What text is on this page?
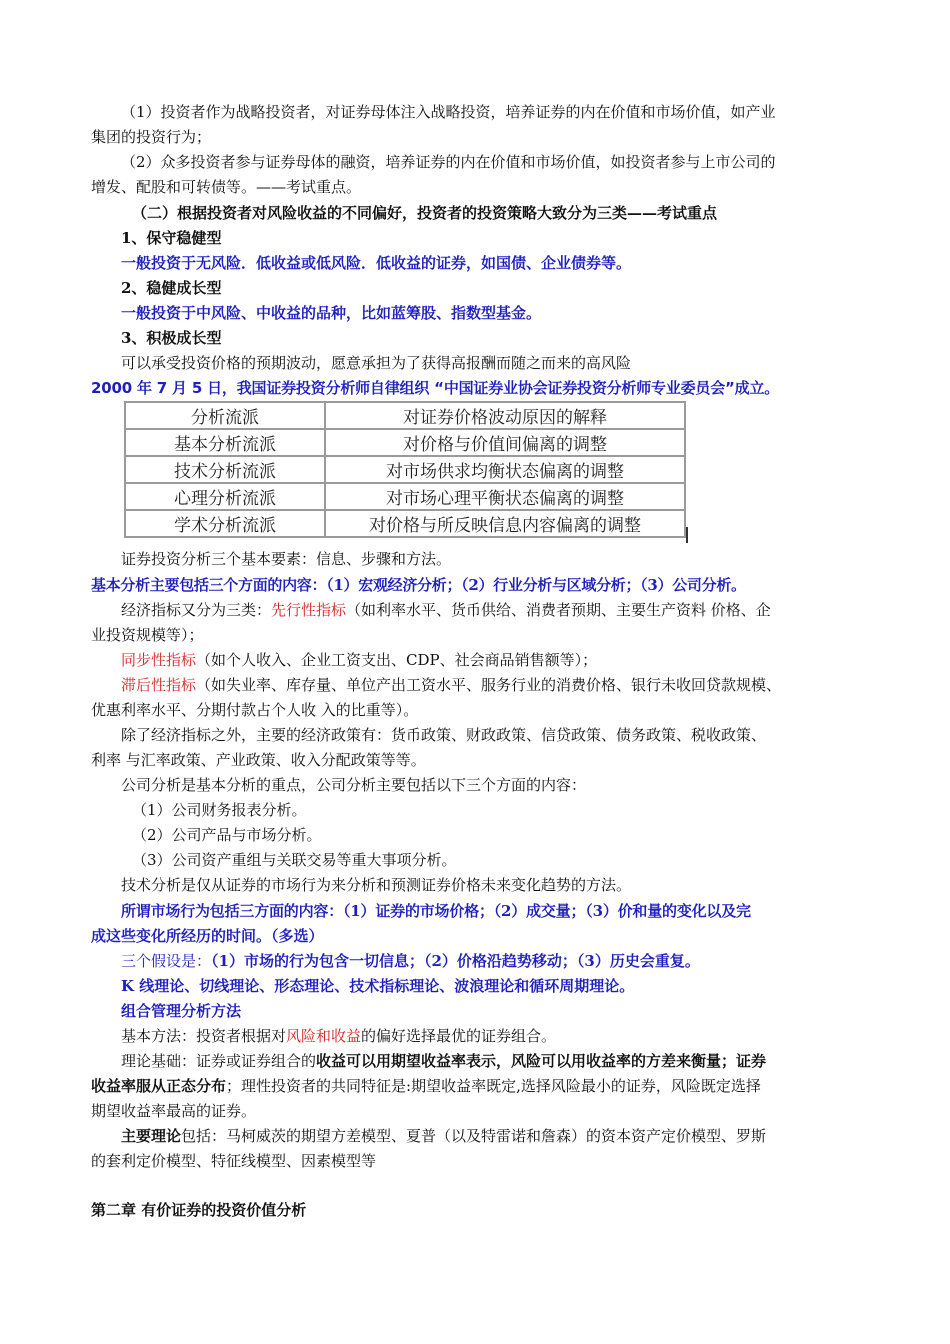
（1）投资者作为战略投资者，对证券母体注入战略投资，培养证券的内在价值和市场价值，如产业
集团的投资行为；
（2）众多投资者参与证券母体的融资，培养证券的内在价值和市场价值，如投资者参与上市公司的
增发、配股和可转债等。——考试重点。
（二）根据投资者对风险收益的不同偏好，投资者的投资策略大致分为三类——考试重点
1、保守稳健型
一般投资于无风险．低收益或低风险．低收益的证券，如国债、企业债券等。
2、稳健成长型
一般投资于中风险、中收益的品种，比如蓝筹股、指数型基金。
3、积极成长型
可以承受投资价格的预期波动，愿意承担为了获得高报酬而随之而来的高风险
2000 年 7 月 5 日，我国证券投资分析师自律组织 “中国证券业协会证券投资分析师专业委员会”成立。
分析流派	对证券价格波动原因的解释
基本分析流派	对价格与价值间偏离的调整
技术分析流派	对市场供求均衡状态偏离的调整
心理分析流派	对市场心理平衡状态偏离的调整
学术分析流派	对价格与所反映信息内容偏离的调整
证券投资分析三个基本要素：信息、步骤和方法。
基本分析主要包括三个方面的内容：（1）宏观经济分析；（2）行业分析与区域分析；（3）公司分析。
经济指标又分为三类：先行性指标（如利率水平、货币供给、消费者预期、主要生产资料 价格、企
业投资规模等）；
同步性指标（如个人收入、企业工资支出、CDP、社会商品销售额等）；
滞后性指标（如失业率、库存量、单位产出工资水平、服务行业的消费价格、银行未收回贷款规模、
优惠利率水平、分期付款占个人收 入的比重等）。
除了经济指标之外，主要的经济政策有：货币政策、财政政策、信贷政策、债务政策、税收政策、
利率 与汇率政策、产业政策、收入分配政策等等。
公司分析是基本分析的重点，公司分析主要包括以下三个方面的内容：
（1）公司财务报表分析。
（2）公司产品与市场分析。
（3）公司资产重组与关联交易等重大事项分析。
技术分析是仅从证券的市场行为来分析和预测证券价格未来变化趋势的方法。
所谓市场行为包括三方面的内容：（1）证券的市场价格；（2）成交量；（3）价和量的变化以及完
成这些变化所经历的时间。（多选）
三个假设是：（1）市场的行为包含一切信息；（2）价格沿趋势移动；（3）历史会重复。
K 线理论、切线理论、形态理论、技术指标理论、波浪理论和循环周期理论。
组合管理分析方法
基本方法：投资者根据对风险和收益的偏好选择最优的证券组合。
理论基础：证券或证券组合的收益可以用期望收益率表示，风险可以用收益率的方差来衡量；证券
收益率服从正态分布；理性投资者的共同特征是:期望收益率既定,选择风险最小的证券，风险既定选择
期望收益率最高的证券。
主要理论包括：马柯威茨的期望方差模型、夏普（以及特雷诺和詹森）的资本资产定价模型、罗斯
的套利定价模型、特征线模型、因素模型等
第二章 有价证券的投资价值分析
